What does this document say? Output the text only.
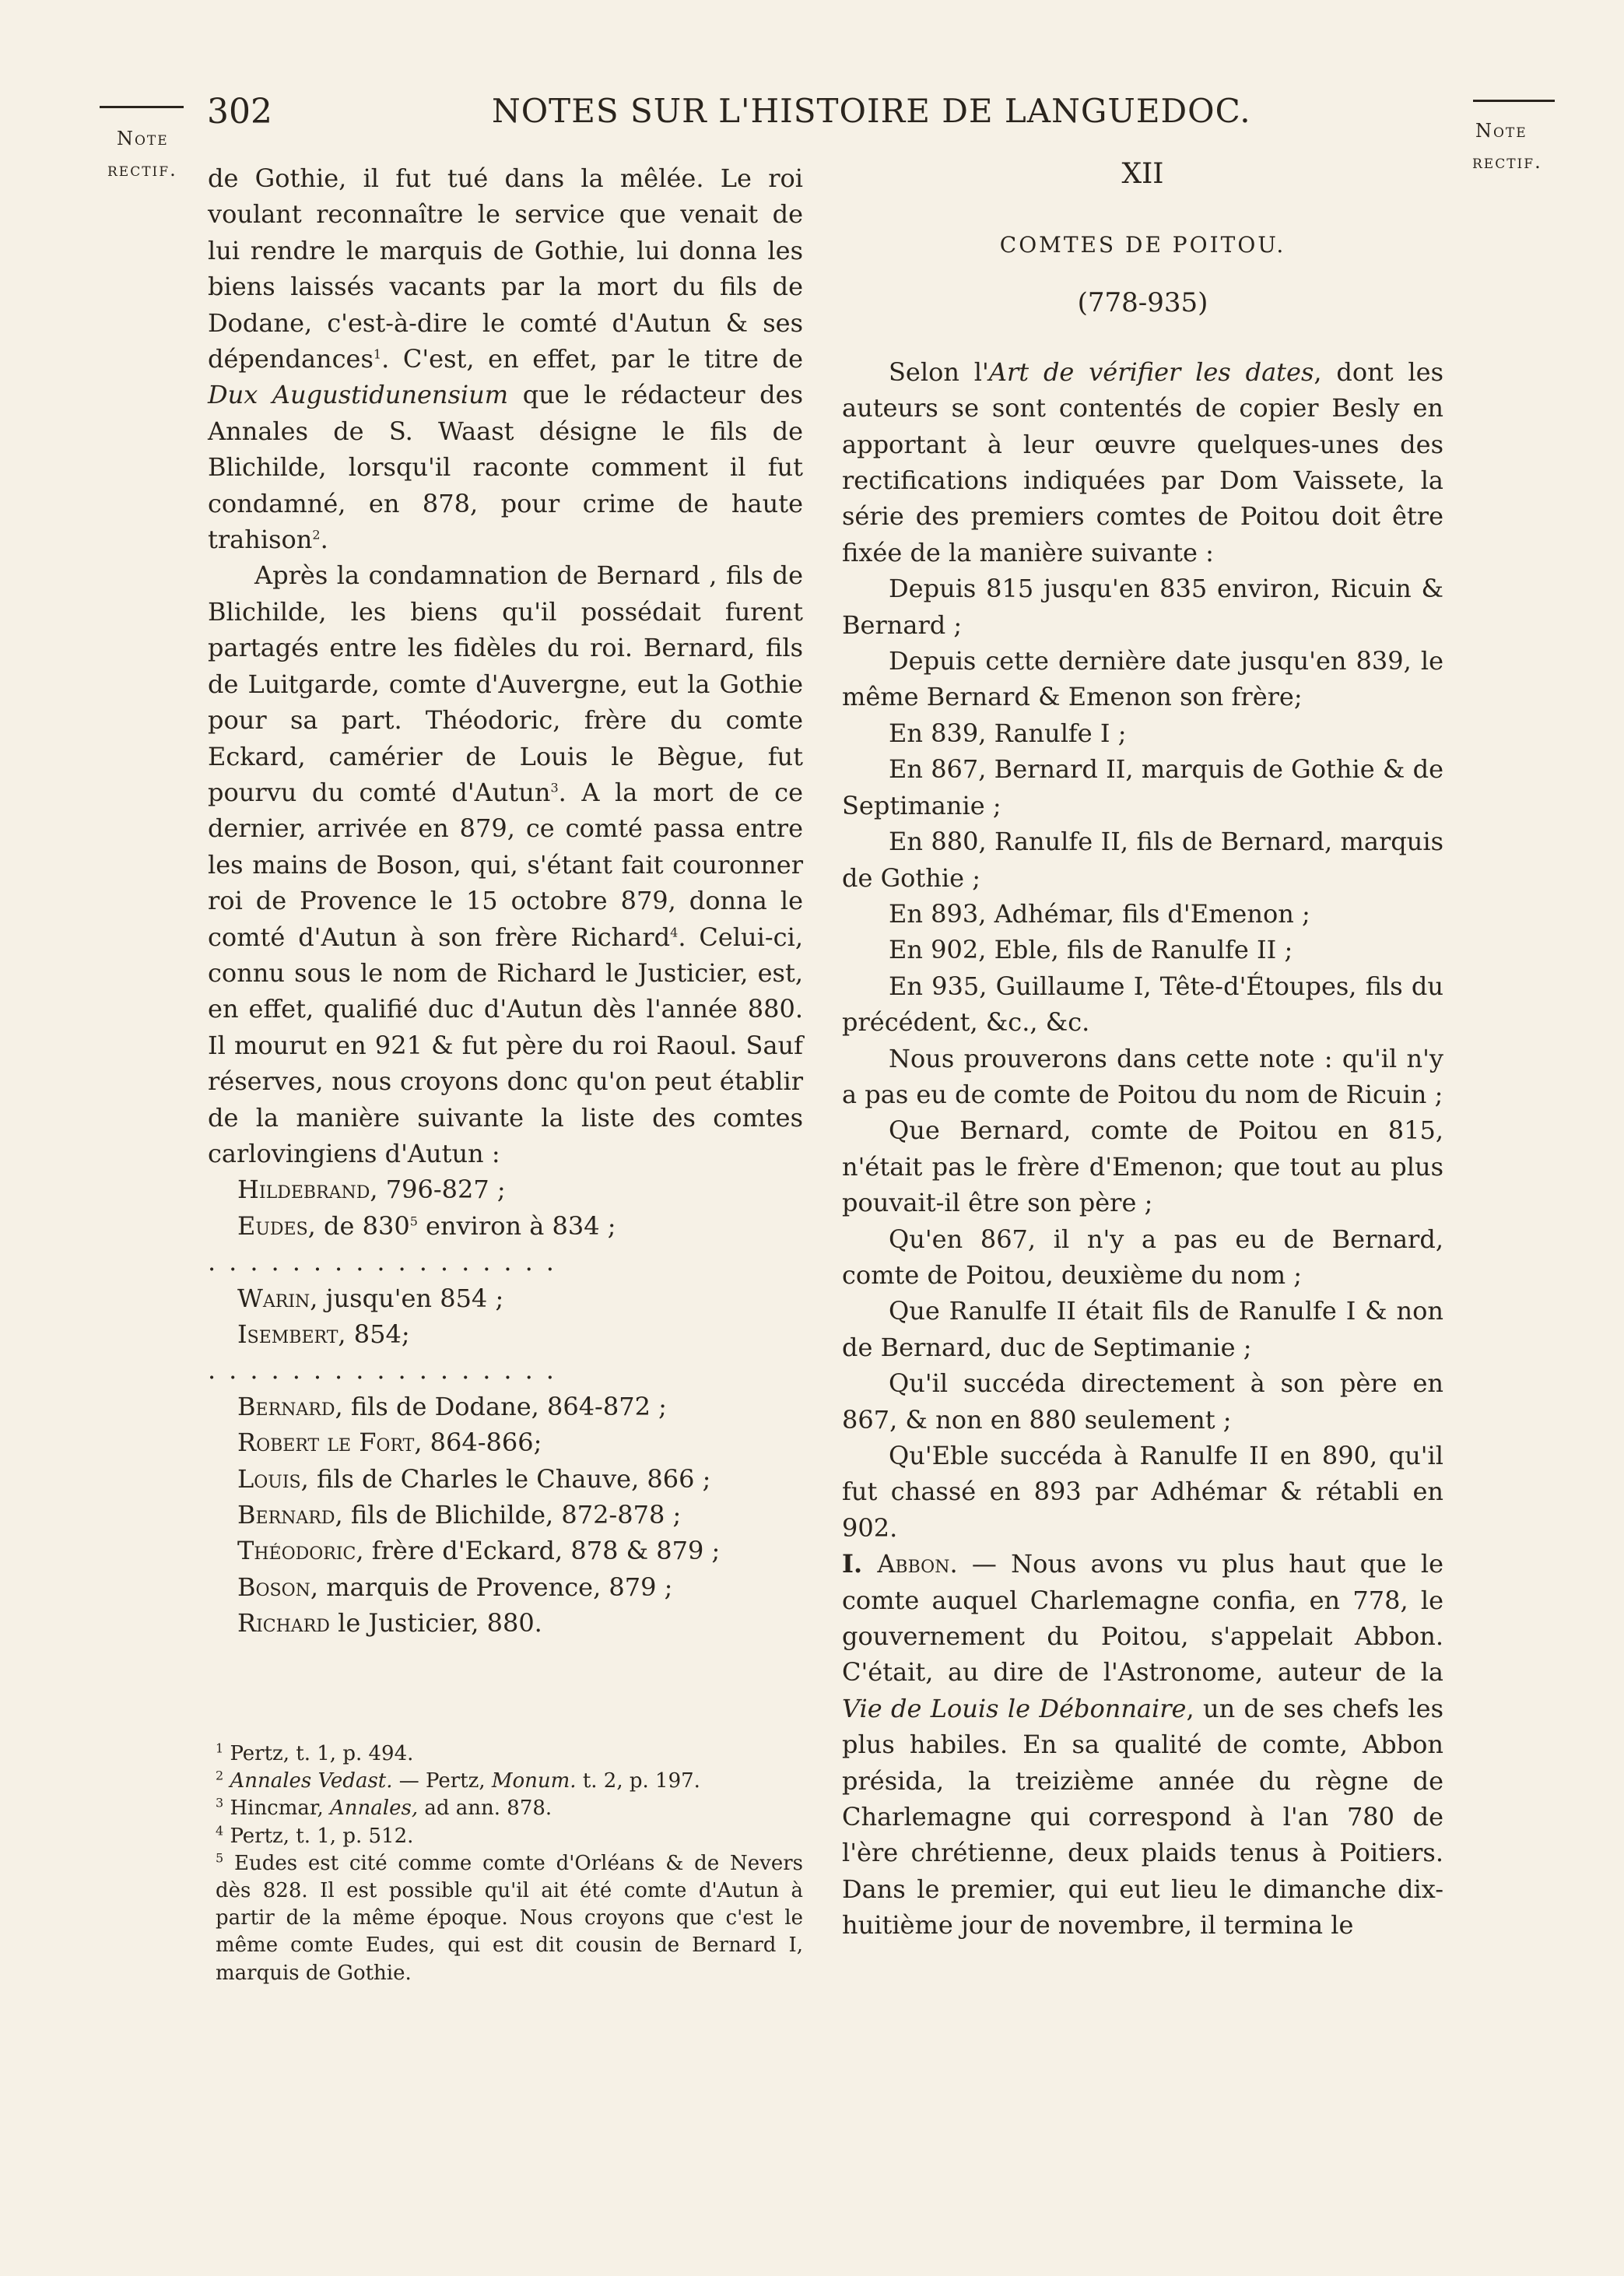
Note
rectif.
302	NOTES SUR L'HISTOIRE DE LANGUEDOC.
Note
rectif.

de Gothie, il fut tué dans la mêlée. Le roi voulant reconnaître le service que venait de lui rendre le marquis de Gothie, lui donna les biens laissés vacants par la mort du fils de Dodane, c'est-à-dire le comté d'Autun & ses dépendances$^1$. C'est, en effet, par le titre de Dux Augustidunensium que le rédacteur des Annales de S. Waast désigne le fils de Blichilde, lorsqu'il raconte comment il fut condamné, en 878, pour crime de haute trahison$^2$.

Après la condamnation de Bernard , fils de Blichilde, les biens qu'il possédait furent partagés entre les fidèles du roi. Bernard, fils de Luitgarde, comte d'Auvergne, eut la Gothie pour sa part. Théodoric, frère du comte Eckard, camérier de Louis le Bègue, fut pourvu du comté d'Autun$^3$. A la mort de ce dernier, arrivée en 879, ce comté passa entre les mains de Boson, qui, s'étant fait couronner roi de Provence le 15 octobre 879, donna le comté d'Autun à son frère Richard$^4$. Celui-ci, connu sous le nom de Richard le Justicier, est, en effet, qualifié duc d'Autun dès l'année 880. Il mourut en 921 & fut père du roi Raoul. Sauf réserves, nous croyons donc qu'on peut établir de la manière suivante la liste des comtes carlovingiens d'Autun :

Hildebrand, 796-827 ;
Eudes, de $830^5$ environ à 834 ;
.................
Warin, jusqu'en 854 ;
Isembert, 854;
.................
Bernard, fils de Dodane, 864-872 ;
Robert le Fort, 864-866;
Louis, fils de Charles le Chauve, 866 ;
Bernard, fils de Blichilde, 872-878 ;
Théodoric, frère d'Eckard, 878 & 879 ;
Boson, marquis de Provence, 879 ;
Richard le Justicier, 880.

$^1$ Pertz, t. 1, p. 494.

$^2$ Annales Vedast. — Pertz, Monum. t. 2, p. 197.

$^3$ Hincmar, Annales, ad ann. 878.

$^4$ Pertz, t. 1, p. 512.

$^5$ Eudes est cité comme comte d'Orléans & de Nevers dès 828. Il est possible qu'il ait été comte d'Autun à partir de la même époque. Nous croyons que c'est le même comte Eudes, qui est dit cousin de Bernard I, marquis de Gothie.

XII
COMTES DE POITOU.
(778-935)

Selon l'Art de vérifier les dates, dont les auteurs se sont contentés de copier Besly en apportant à leur œuvre quelques-unes des rectifications indiquées par Dom Vaissete, la série des premiers comtes de Poitou doit être fixée de la manière suivante :

Depuis 815 jusqu'en 835 environ, Ricuin & Bernard ;

Depuis cette dernière date jusqu'en 839, le même Bernard & Emenon son frère;

En 839, Ranulfe I ;

En 867, Bernard II, marquis de Gothie & de Septimanie ;

En 880, Ranulfe II, fils de Bernard, marquis de Gothie ;

En 893, Adhémar, fils d'Emenon ;

En 902, Eble, fils de Ranulfe II ;

En 935, Guillaume I, Tête-d'Étoupes, fils du précédent, &c., &c.

Nous prouverons dans cette note : qu'il n'y a pas eu de comte de Poitou du nom de Ricuin ;

Que Bernard, comte de Poitou en 815, n'était pas le frère d'Emenon; que tout au plus pouvait-il être son père ;

Qu'en 867, il n'y a pas eu de Bernard, comte de Poitou, deuxième du nom ;

Que Ranulfe II était fils de Ranulfe I & non de Bernard, duc de Septimanie ;

Qu'il succéda directement à son père en 867, & non en 880 seulement ;

Qu'Eble succéda à Ranulfe II en 890, qu'il fut chassé en 893 par Adhémar & rétabli en 902.

I. Abbon. — Nous avons vu plus haut que le comte auquel Charlemagne confia, en 778, le gouvernement du Poitou, s'appelait Abbon. C'était, au dire de l'Astronome, auteur de la Vie de Louis le Débonnaire, un de ses chefs les plus habiles. En sa qualité de comte, Abbon présida, la treizième année du règne de Charlemagne qui correspond à l'an 780 de l'ère chrétienne, deux plaids tenus à Poitiers. Dans le premier, qui eut lieu le dimanche dix-huitième jour de novembre, il termina le
